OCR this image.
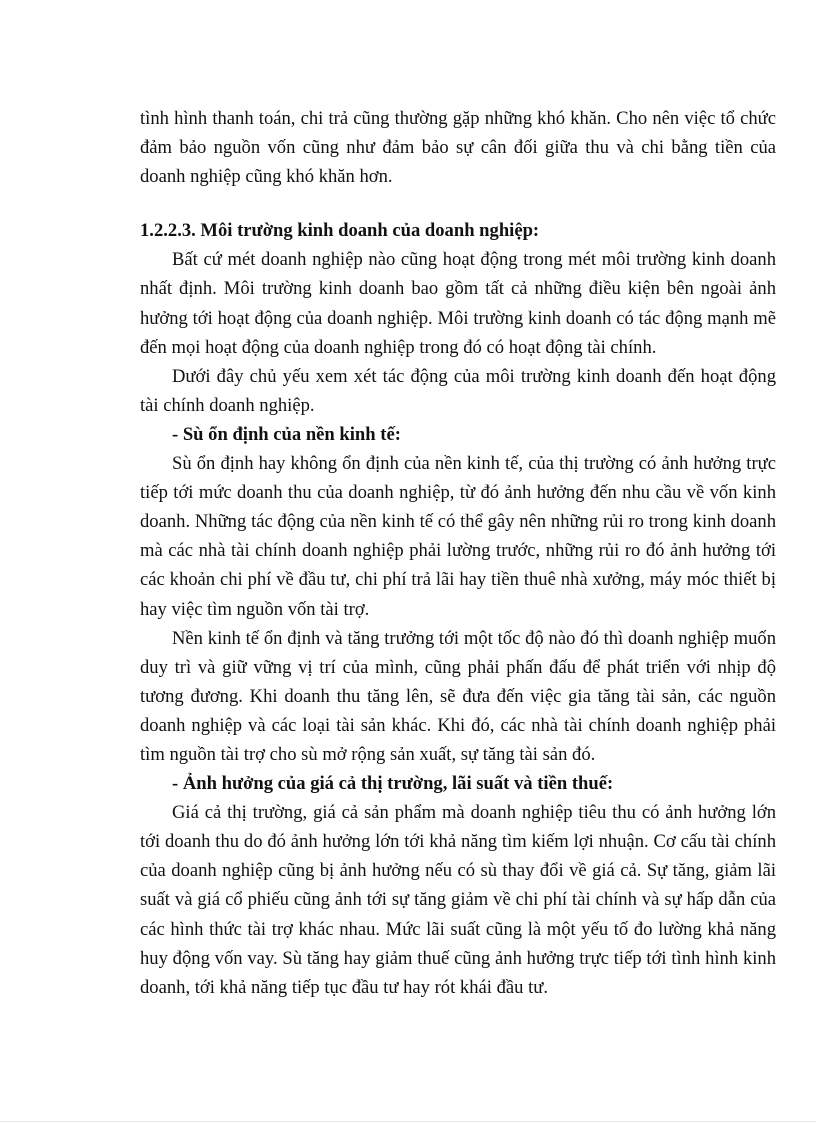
tình hình thanh toán, chi trả cũng thường gặp những khó khăn. Cho nên việc tổ chức đảm bảo nguồn vốn cũng như đảm bảo sự cân đối giữa thu và chi bằng tiền của doanh nghiệp cũng khó khăn hơn.

1.2.2.3. Môi trường kinh doanh của doanh nghiệp:

Bất cứ mét doanh nghiệp nào cũng hoạt động trong mét môi trường kinh doanh nhất định. Môi trường kinh doanh bao gồm tất cả những điều kiện bên ngoài ảnh hưởng tới hoạt động của doanh nghiệp. Môi trường kinh doanh có tác động mạnh mẽ đến mọi hoạt động của doanh nghiệp trong đó có hoạt động tài chính.

Dưới đây chủ yếu xem xét tác động của môi trường kinh doanh đến hoạt động tài chính doanh nghiệp.

- Sù ổn định của nền kinh tế:

Sù ổn định hay không ổn định của nền kinh tế, của thị trường có ảnh hưởng trực tiếp tới mức doanh thu của doanh nghiệp, từ đó ảnh hưởng đến nhu cầu về vốn kinh doanh. Những tác động của nền kinh tế có thể gây nên những rủi ro trong kinh doanh mà các nhà tài chính doanh nghiệp phải lường trước, những rủi ro đó ảnh hưởng tới các khoản chi phí về đầu tư, chi phí trả lãi hay tiền thuê nhà xưởng, máy móc thiết bị hay việc tìm nguồn vốn tài trợ.

Nền kinh tế ổn định và tăng trưởng tới một tốc độ nào đó thì doanh nghiệp muốn duy trì và giữ vững vị trí của mình, cũng phải phấn đấu để phát triển với nhịp độ tương đương. Khi doanh thu tăng lên, sẽ đưa đến việc gia tăng tài sản, các nguồn doanh nghiệp và các loại tài sản khác. Khi đó, các nhà tài chính doanh nghiệp phải tìm nguồn tài trợ cho sù mở rộng sản xuất, sự tăng tài sản đó.

- Ảnh hưởng của giá cả thị trường, lãi suất và tiền thuế:

Giá cả thị trường, giá cả sản phẩm mà doanh nghiệp tiêu thu có ảnh hưởng lớn tới doanh thu do đó ảnh hưởng lớn tới khả năng tìm kiếm lợi nhuận. Cơ cấu tài chính của doanh nghiệp cũng bị ảnh hưởng nếu có sù thay đổi về giá cả. Sự tăng, giảm lãi suất và giá cổ phiếu cũng ảnh tới sự tăng giảm về chi phí tài chính và sự hấp dẫn của các hình thức tài trợ khác nhau. Mức lãi suất cũng là một yếu tố đo lường khả năng huy động vốn vay. Sù tăng hay giảm thuế cũng ảnh hưởng trực tiếp tới tình hình kinh doanh, tới khả năng tiếp tục đầu tư hay rót khái đầu tư.
